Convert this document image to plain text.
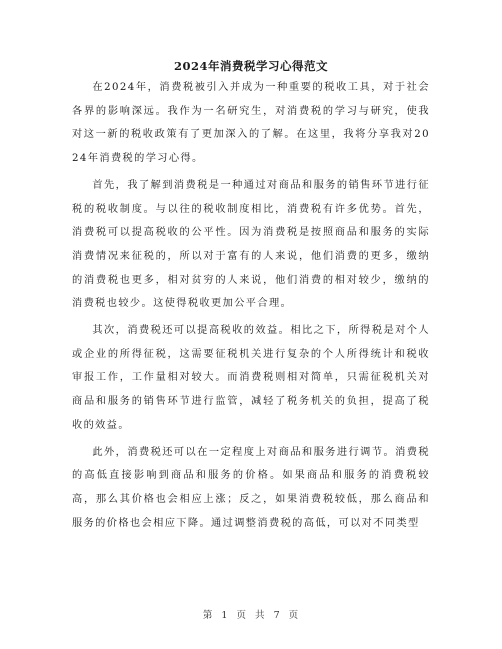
2024年消费税学习心得范文

在2024年，消费税被引入并成为一种重要的税收工具，对于社会各界的影响深远。我作为一名研究生，对消费税的学习与研究，使我对这一新的税收政策有了更加深入的了解。在这里，我将分享我对2024年消费税的学习心得。

首先，我了解到消费税是一种通过对商品和服务的销售环节进行征税的税收制度。与以往的税收制度相比，消费税有许多优势。首先，消费税可以提高税收的公平性。因为消费税是按照商品和服务的实际消费情况来征税的，所以对于富有的人来说，他们消费的更多，缴纳的消费税也更多，相对贫穷的人来说，他们消费的相对较少，缴纳的消费税也较少。这使得税收更加公平合理。

其次，消费税还可以提高税收的效益。相比之下，所得税是对个人或企业的所得征税，这需要征税机关进行复杂的个人所得统计和税收审报工作，工作量相对较大。而消费税则相对简单，只需征税机关对商品和服务的销售环节进行监管，减轻了税务机关的负担，提高了税收的效益。

此外，消费税还可以在一定程度上对商品和服务进行调节。消费税的高低直接影响到商品和服务的价格。如果商品和服务的消费税较高，那么其价格也会相应上涨；反之，如果消费税较低，那么商品和服务的价格也会相应下降。通过调整消费税的高低，可以对不同类型

第 1 页 共 7 页
